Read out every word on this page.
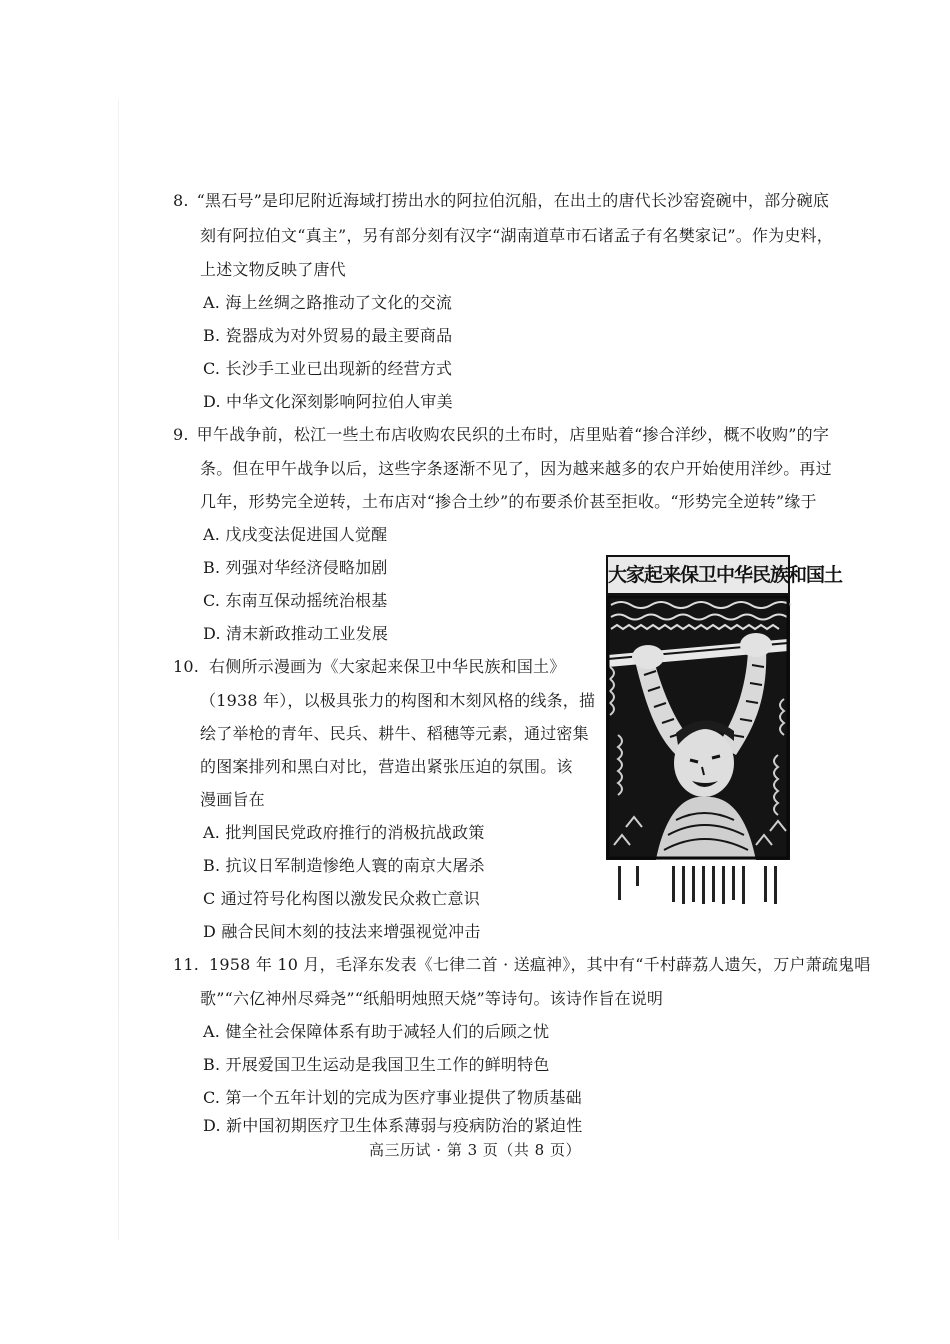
8. “黑石号”是印尼附近海域打捞出水的阿拉伯沉船，在出土的唐代长沙窑瓷碗中，部分碗底
刻有阿拉伯文“真主”，另有部分刻有汉字“湖南道草市石诸孟子有名樊家记”。作为史料，
上述文物反映了唐代
A. 海上丝绸之路推动了文化的交流
B. 瓷器成为对外贸易的最主要商品
C. 长沙手工业已出现新的经营方式
D. 中华文化深刻影响阿拉伯人审美
9. 甲午战争前，松江一些土布店收购农民织的土布时，店里贴着“掺合洋纱，概不收购”的字
条。但在甲午战争以后，这些字条逐渐不见了，因为越来越多的农户开始使用洋纱。再过
几年，形势完全逆转，土布店对“掺合土纱”的布要杀价甚至拒收。“形势完全逆转”缘于
A. 戊戌变法促进国人觉醒
B. 列强对华经济侵略加剧
C. 东南互保动摇统治根基
D. 清末新政推动工业发展
10. 右侧所示漫画为《大家起来保卫中华民族和国土》
（1938 年），以极具张力的构图和木刻风格的线条，描
绘了举枪的青年、民兵、耕牛、稻穗等元素，通过密集
的图案排列和黑白对比，营造出紧张压迫的氛围。该
漫画旨在
A. 批判国民党政府推行的消极抗战政策
B. 抗议日军制造惨绝人寰的南京大屠杀
C 通过符号化构图以激发民众救亡意识
D 融合民间木刻的技法来增强视觉冲击
大家起来保卫中华民族和国土
11. 1958 年 10 月，毛泽东发表《七律二首 · 送瘟神》，其中有“千村薜荔人遗矢，万户萧疏鬼唱
歌”“六亿神州尽舜尧”“纸船明烛照天烧”等诗句。该诗作旨在说明
A. 健全社会保障体系有助于减轻人们的后顾之忧
B. 开展爱国卫生运动是我国卫生工作的鲜明特色
C. 第一个五年计划的完成为医疗事业提供了物质基础
D. 新中国初期医疗卫生体系薄弱与疫病防治的紧迫性
高三历试 · 第 3 页（共 8 页）
